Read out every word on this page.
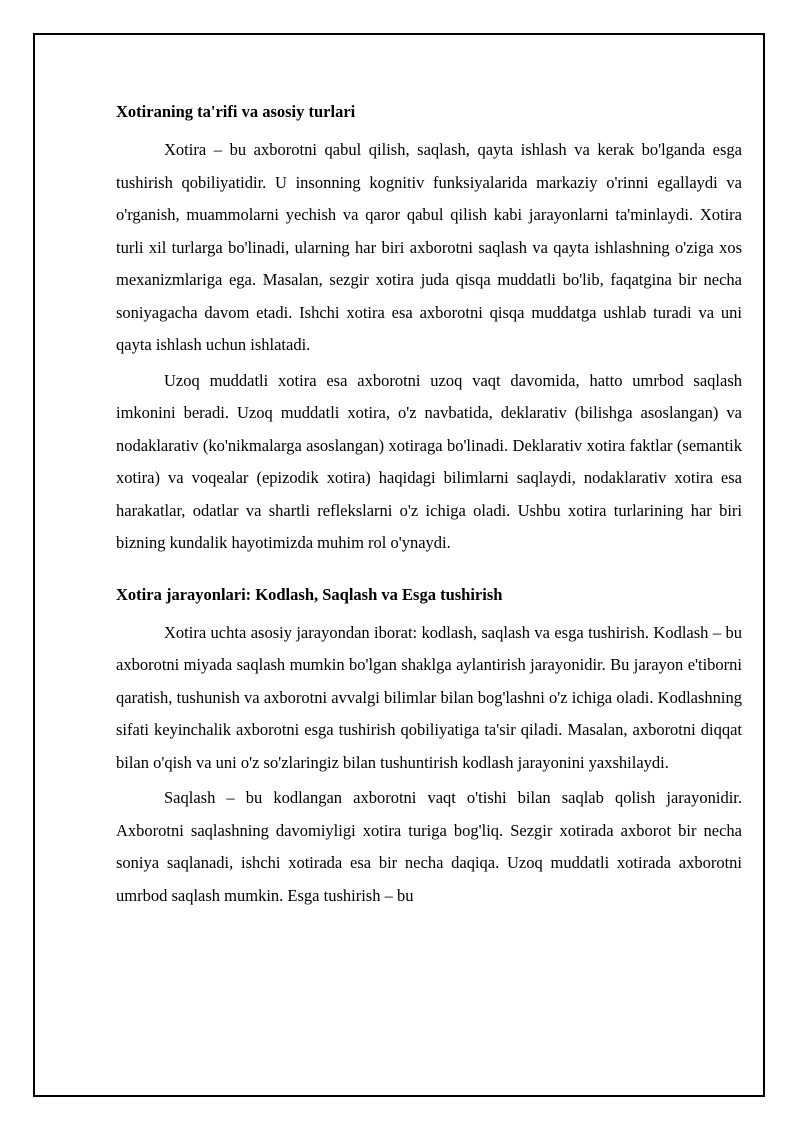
Xotiraning ta'rifi va asosiy turlari

Xotira – bu axborotni qabul qilish, saqlash, qayta ishlash va kerak bo'lganda esga tushirish qobiliyatidir. U insonning kognitiv funksiyalarida markaziy o'rinni egallaydi va o'rganish, muammolarni yechish va qaror qabul qilish kabi jarayonlarni ta'minlaydi. Xotira turli xil turlarga bo'linadi, ularning har biri axborotni saqlash va qayta ishlashning o'ziga xos mexanizmlariga ega. Masalan, sezgir xotira juda qisqa muddatli bo'lib, faqatgina bir necha soniyagacha davom etadi. Ishchi xotira esa axborotni qisqa muddatga ushlab turadi va uni qayta ishlash uchun ishlatadi.

Uzoq muddatli xotira esa axborotni uzoq vaqt davomida, hatto umrbod saqlash imkonini beradi. Uzoq muddatli xotira, o'z navbatida, deklarativ (bilishga asoslangan) va nodaklarativ (ko'nikmalarga asoslangan) xotiraga bo'linadi. Deklarativ xotira faktlar (semantik xotira) va voqealar (epizodik xotira) haqidagi bilimlarni saqlaydi, nodaklarativ xotira esa harakatlar, odatlar va shartli reflekslarni o'z ichiga oladi. Ushbu xotira turlarining har biri bizning kundalik hayotimizda muhim rol o'ynaydi.

Xotira jarayonlari: Kodlash, Saqlash va Esga tushirish

Xotira uchta asosiy jarayondan iborat: kodlash, saqlash va esga tushirish. Kodlash – bu axborotni miyada saqlash mumkin bo'lgan shaklga aylantirish jarayonidir. Bu jarayon e'tiborni qaratish, tushunish va axborotni avvalgi bilimlar bilan bog'lashni o'z ichiga oladi. Kodlashning sifati keyinchalik axborotni esga tushirish qobiliyatiga ta'sir qiladi. Masalan, axborotni diqqat bilan o'qish va uni o'z so'zlaringiz bilan tushuntirish kodlash jarayonini yaxshilaydi.

Saqlash – bu kodlangan axborotni vaqt o'tishi bilan saqlab qolish jarayonidir. Axborotni saqlashning davomiyligi xotira turiga bog'liq. Sezgir xotirada axborot bir necha soniya saqlanadi, ishchi xotirada esa bir necha daqiqa. Uzoq muddatli xotirada axborotni umrbod saqlash mumkin. Esga tushirish – bu
